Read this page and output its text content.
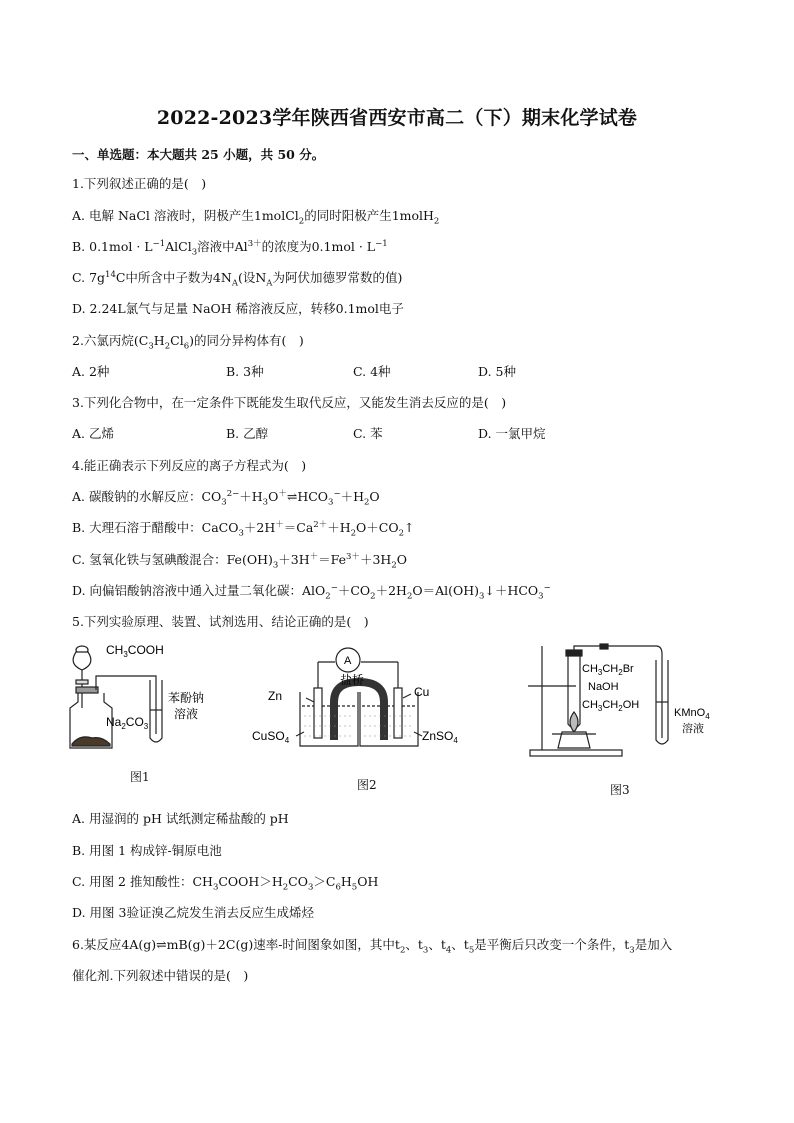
2022-2023学年陕西省西安市高二（下）期末化学试卷
一、单选题：本大题共 25 小题，共 50 分。
1.下列叙述正确的是(　)
A. 电解 NaCl 溶液时，阴极产生1molCl$_2$的同时阳极产生1molH$_2$
B. $0.1mol \cdot L^{-1}AlCl_3$溶液中$Al^{3+}$的浓度为$0.1mol \cdot L^{-1}$
C. $7g^{14}C$中所含中子数为$4N_A$(设$N_A$为阿伏加德罗常数的值)
D. 2.24L氯气与足量 NaOH 稀溶液反应，转移0.1mol电子
2.六氯丙烷$(C_3H_2Cl_6)$的同分异构体有(　)
A. 2种	B. 3种	C. 4种	D. 5种
3.下列化合物中，在一定条件下既能发生取代反应，又能发生消去反应的是(　)
A. 乙烯	B. 乙醇	C. 苯	D. 一氯甲烷
4.能正确表示下列反应的离子方程式为(　)
A. 碳酸钠的水解反应：$CO_3^{2-}+H_3O^+\rightleftharpoons HCO_3^-+H_2O$
B. 大理石溶于醋酸中：$CaCO_3+2H^+=Ca^{2+}+H_2O+CO_2↑$
C. 氢氧化铁与氢碘酸混合：$Fe(OH)_3+3H^+=Fe^{3+}+3H_2O$
D. 向偏铝酸钠溶液中通入过量二氧化碳：$AlO_2^-+CO_2+2H_2O=Al(OH)_3↓+HCO_3^-$
5.下列实验原理、装置、试剂选用、结论正确的是(　)
$CH_3COOH$
$Na_2CO_3$
苯酚钠
溶液
图1
A
盐桥
Zn	Cu
CuSO$_4$	ZnSO$_4$
图2
$CH_3CH_2Br$
NaOH
$CH_3CH_2OH$
KMnO$_4$
溶液
图3
A. 用湿润的 pH 试纸测定稀盐酸的 pH
B. 用图 1 构成锌-铜原电池
C. 用图 2 推知酸性：$CH_3COOH>H_2CO_3>C_6H_5OH$
D. 用图 3验证溴乙烷发生消去反应生成烯烃
6.某反应4A(g)⇌mB(g)＋2C(g)速率-时间图象如图，其中$t_2$、$t_3$、$t_4$、$t_5$是平衡后只改变一个条件，$t_3$是加入
催化剂.下列叙述中错误的是(　)
